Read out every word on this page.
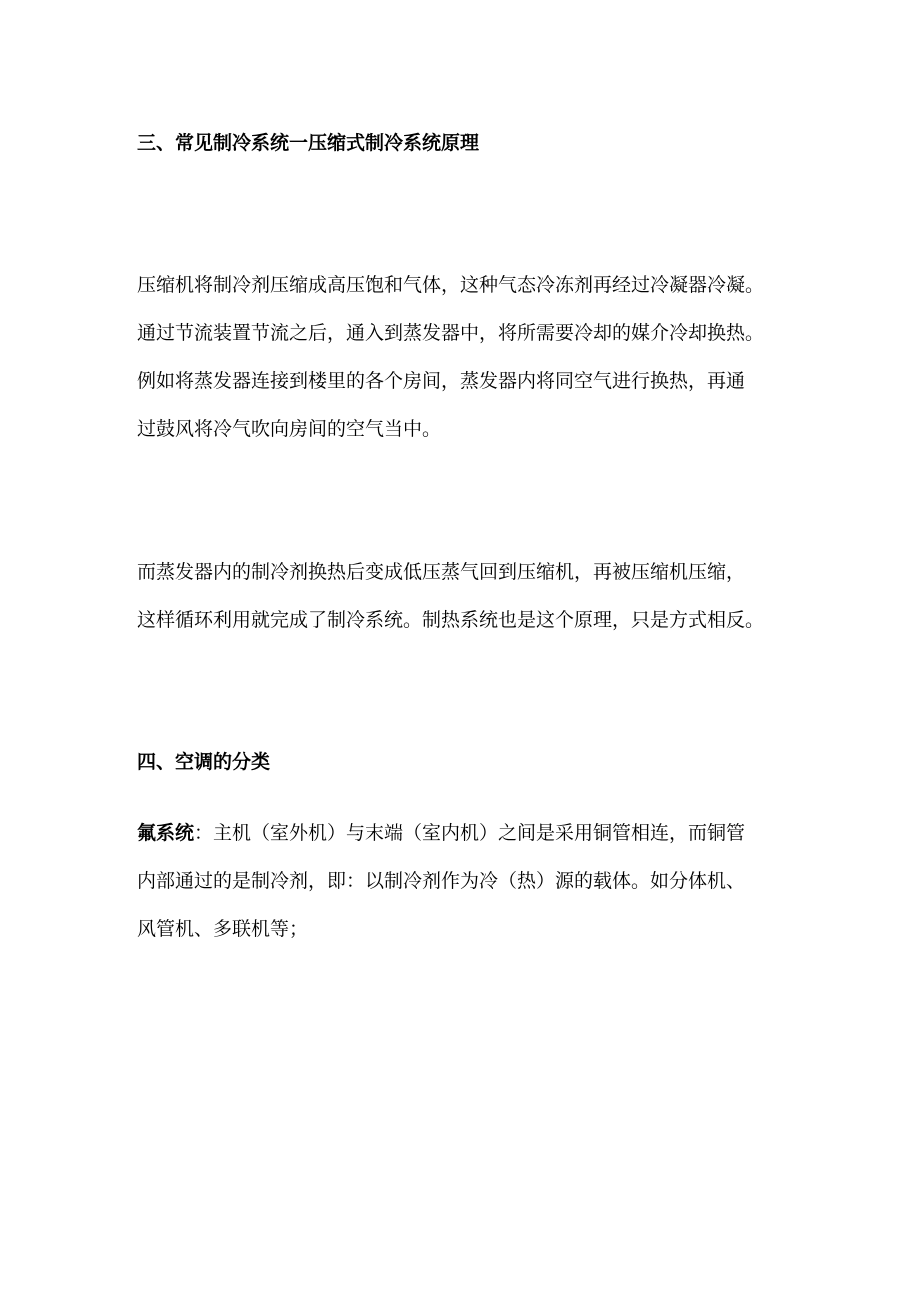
三、常见制冷系统一压缩式制冷系统原理

压缩机将制冷剂压缩成高压饱和气体，这种气态冷冻剂再经过冷凝器冷凝。
通过节流装置节流之后，通入到蒸发器中，将所需要冷却的媒介冷却换热。
例如将蒸发器连接到楼里的各个房间，蒸发器内将同空气进行换热，再通
过鼓风将冷气吹向房间的空气当中。

而蒸发器内的制冷剂换热后变成低压蒸气回到压缩机，再被压缩机压缩，
这样循环利用就完成了制冷系统。制热系统也是这个原理，只是方式相反。

四、空调的分类

氟系统：主机（室外机）与末端（室内机）之间是采用铜管相连，而铜管
内部通过的是制冷剂，即：以制冷剂作为冷（热）源的载体。如分体机、
风管机、多联机等；
